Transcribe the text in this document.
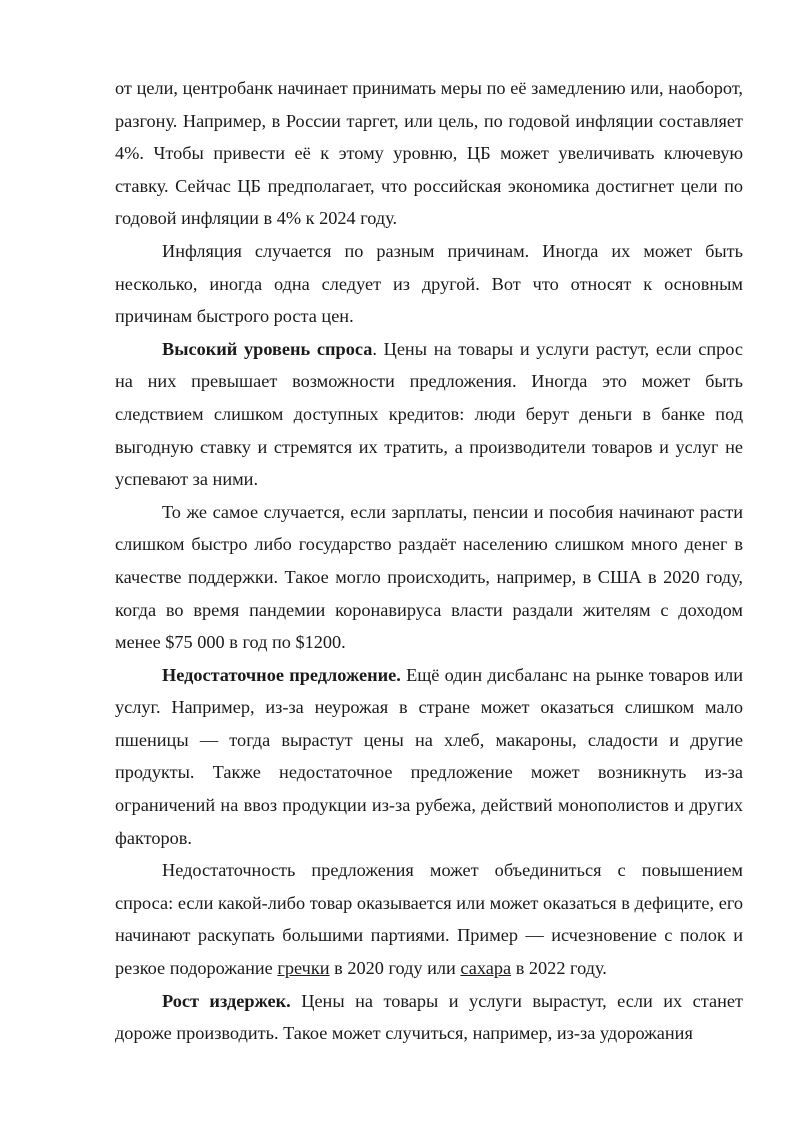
от цели, центробанк начинает принимать меры по её замедлению или, наоборот, разгону. Например, в России таргет, или цель, по годовой инфляции составляет 4%. Чтобы привести её к этому уровню, ЦБ может увеличивать ключевую ставку. Сейчас ЦБ предполагает, что российская экономика достигнет цели по годовой инфляции в 4% к 2024 году.

Инфляция случается по разным причинам. Иногда их может быть несколько, иногда одна следует из другой. Вот что относят к основным причинам быстрого роста цен.

Высокий уровень спроса. Цены на товары и услуги растут, если спрос на них превышает возможности предложения. Иногда это может быть следствием слишком доступных кредитов: люди берут деньги в банке под выгодную ставку и стремятся их тратить, а производители товаров и услуг не успевают за ними.

То же самое случается, если зарплаты, пенсии и пособия начинают расти слишком быстро либо государство раздаёт населению слишком много денег в качестве поддержки. Такое могло происходить, например, в США в 2020 году, когда во время пандемии коронавируса власти раздали жителям с доходом менее $75 000 в год по $1200.

Недостаточное предложение. Ещё один дисбаланс на рынке товаров или услуг. Например, из-за неурожая в стране может оказаться слишком мало пшеницы — тогда вырастут цены на хлеб, макароны, сладости и другие продукты. Также недостаточное предложение может возникнуть из-за ограничений на ввоз продукции из-за рубежа, действий монополистов и других факторов.

Недостаточность предложения может объединиться с повышением спроса: если какой-либо товар оказывается или может оказаться в дефиците, его начинают раскупать большими партиями. Пример — исчезновение с полок и резкое подорожание гречки в 2020 году или сахара в 2022 году.

Рост издержек. Цены на товары и услуги вырастут, если их станет дороже производить. Такое может случиться, например, из-за удорожания
